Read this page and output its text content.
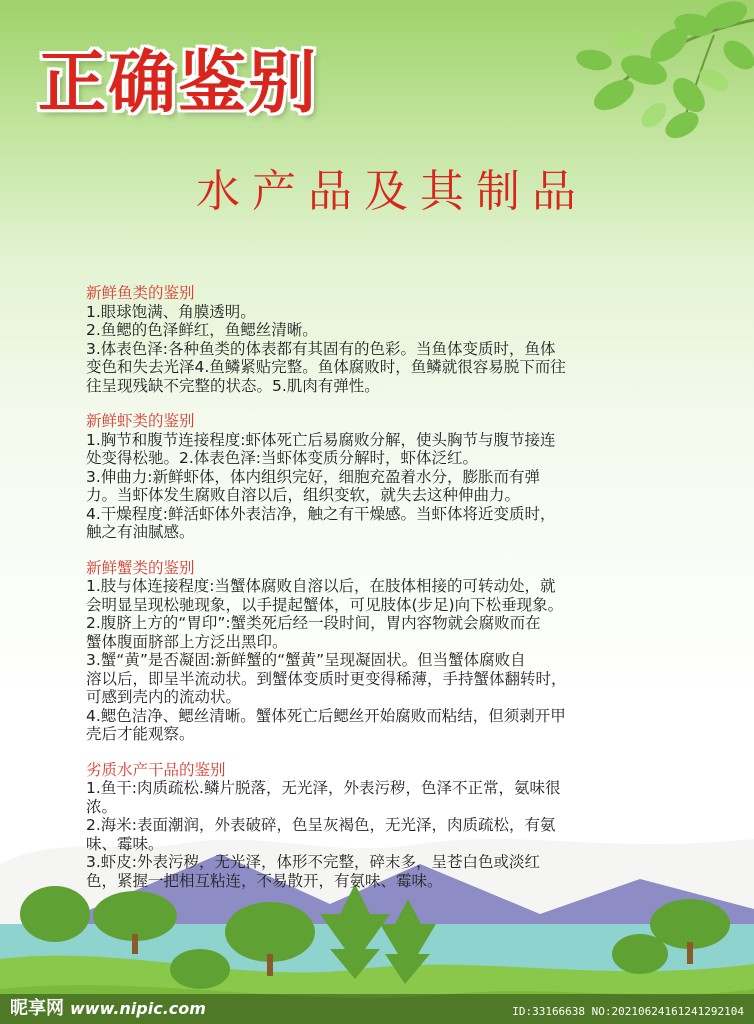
正确鉴别
水产品及其制品

新鲜鱼类的鉴别

1.眼球饱满、角膜透明。

2.鱼鳃的色泽鲜红，鱼鳃丝清晰。

3.体表色泽:各种鱼类的体表都有其固有的色彩。当鱼体变质时，鱼体

变色和失去光泽4.鱼鳞紧贴完整。鱼体腐败时，鱼鳞就很容易脱下而往

往呈现残缺不完整的状态。5.肌肉有弹性。

新鲜虾类的鉴别

1.胸节和腹节连接程度:虾体死亡后易腐败分解，使头胸节与腹节接连

处变得松驰。2.体表色泽:当虾体变质分解时，虾体泛红。

3.伸曲力:新鲜虾体，体内组织完好，细胞充盈着水分，膨胀而有弹

力。当虾体发生腐败自溶以后，组织变软，就失去这种伸曲力。

4.干燥程度:鲜活虾体外表洁净，触之有干燥感。当虾体将近变质时，

触之有油腻感。

新鲜蟹类的鉴别

1.肢与体连接程度:当蟹体腐败自溶以后，在肢体相接的可转动处，就

会明显呈现松驰现象，以手提起蟹体，可见肢体(步足)向下松垂现象。

2.腹脐上方的“胃印”:蟹类死后经一段时间，胃内容物就会腐败而在

蟹体腹面脐部上方泛出黑印。

3.蟹“黄”是否凝固:新鲜蟹的“蟹黄”呈现凝固状。但当蟹体腐败自

溶以后，即呈半流动状。到蟹体变质时更变得稀薄，手持蟹体翻转时，

可感到壳内的流动状。

4.鳃色洁净、鳃丝清晰。蟹体死亡后鳃丝开始腐败而粘结，但须剥开甲

壳后才能观察。

劣质水产干品的鉴别

1.鱼干:肉质疏松.鳞片脱落，无光泽，外表污秽，色泽不正常，氨味很

浓。

2.海米:表面潮润，外表破碎，色呈灰褐色，无光泽，肉质疏松，有氨

味、霉味。

3.虾皮:外表污秽，无光泽，体形不完整，碎末多，呈苍白色或淡红

色，紧握一把相互粘连，不易散开，有氨味、霉味。

昵享网 www.nipic.com	ID:33166638 NO:20210624161241292104
